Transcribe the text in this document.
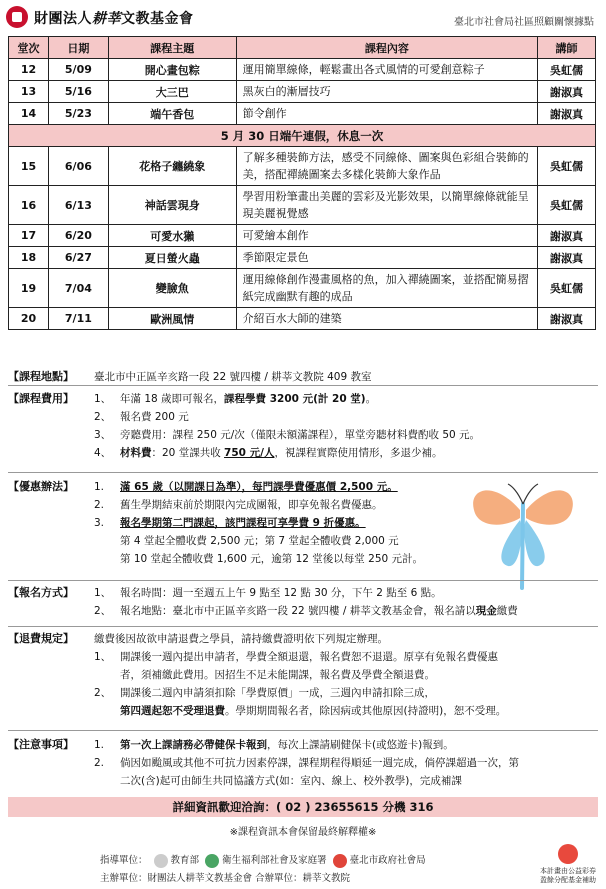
財團法人耕莘文教基金會	臺北市社會局社區照顧關懷據點
堂次	日期	課程主題	課程內容	講師
12	5/09	開心畫包粽	運用簡單線條，輕鬆畫出各式風情的可愛創意粽子	吳虹儒
13	5/16	大三巴	黑灰白的漸層技巧	謝淑真
14	5/23	端午香包	節令創作	謝淑真
5 月 30 日端午連假，休息一次				
15	6/06	花格子纏繞象	了解多種裝飾方法，感受不同線條、圖案與色彩組合裝飾的美，搭配禪繞圖案去多樣化裝飾大象作品	吳虹儒
16	6/13	神話雲現身	學習用粉筆畫出美麗的雲彩及光影效果，以簡單線條就能呈現美麗視覺感	吳虹儒
17	6/20	可愛水獺	可愛繪本創作	謝淑真
18	6/27	夏日螢火蟲	季節限定景色	謝淑真
19	7/04	變臉魚	運用線條創作漫畫風格的魚，加入禪繞圖案，並搭配簡易摺紙完成幽默有趣的成品	吳虹儒
20	7/11	歐洲風情	介紹百水大師的建築	謝淑真
【課程地點】	臺北市中正區辛亥路一段 22 號四樓 / 耕莘文教院 409 教室
【課程費用】	1、 年滿 18 歲即可報名，課程學費 3200 元(計 20 堂)。
2、 報名費 200 元
3、 旁聽費用：課程 250 元/次（僅限未額滿課程），單堂旁聽材料費酌收 50 元。
4、 材料費：20 堂課共收 750 元/人，視課程實際使用情形，多退少補。
【優惠辦法】	1. 滿 65 歲（以開課日為準），每門課學費優惠價 2,500 元。
2. 舊生學期結束前於期限內完成團報，即享免報名費優惠。
3. 報名學期第二門課起，該門課程可享學費 9 折優惠。
第 4 堂起全體收費 2,500 元；第 7 堂起全體收費 2,000 元
第 10 堂起全體收費 1,600 元，逾第 12 堂後以每堂 250 元計。
【報名方式】	1、 報名時間：週一至週五上午 9 點至 12 點 30 分，下午 2 點至 6 點。
2、 報名地點：臺北市中正區辛亥路一段 22 號四樓 / 耕莘文教基金會，報名請以現金繳費
【退費規定】	繳費後因故欲申請退費之學員，請持繳費證明依下列規定辦理。
1、 開課後一週內提出申請者，學費全額退還，報名費恕不退還。原享有免報名費優惠
者，須補繳此費用。因招生不足未能開課，報名費及學費全額退費。
2、 開課後二週內申請須扣除「學費原價」一成，三週內申請扣除三成，
第四週起恕不受理退費。學期期間報名者，除因病或其他原因(持證明)，恕不受理。
【注意事項】	1. 第一次上課請務必帶健保卡報到，每次上課請刷健保卡(或悠遊卡)報到。
2. 倘因如颱風或其他不可抗力因素停課，課程期程得順延一週完成，倘停課超過一次，第
二次(含)起可由師生共同協議方式(如：室內、線上、校外教學)，完成補課
詳細資訊歡迎洽詢：( 02 ) 23655615 分機 316
※課程資訊本會保留最終解釋權※
指導單位： 教育部 衛生福利部社會及家庭署 臺北市政府社會局
主辦單位：財團法人耕莘文教基金會 合辦單位：耕莘文教院
本計畫由公益彩券盈餘分配基金補助
